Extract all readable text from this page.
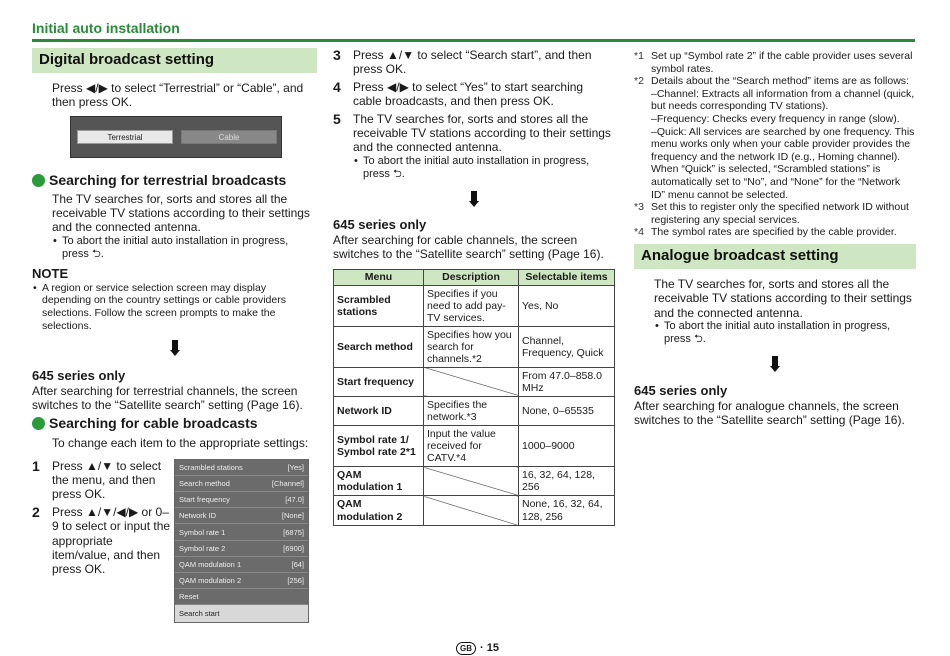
Initial auto installation
Digital broadcast setting
Press ◀/▶ to select “Terrestrial” or “Cable”, and then press OK.
Terrestrial	Cable
Searching for terrestrial broadcasts
The TV searches for, sorts and stores all the receivable TV stations according to their settings and the connected antenna.
• To abort the initial auto installation in progress, press ⮌.
NOTE
• A region or service selection screen may display depending on the country settings or cable providers selections. Follow the screen prompts to make the selections.
645 series only
After searching for terrestrial channels, the screen switches to the “Satellite search” setting (Page 16).
Searching for cable broadcasts
To change each item to the appropriate settings:
1 Press ▲/▼ to select the menu, and then press OK.
2 Press ▲/▼/◀/▶ or 0–9 to select or input the appropriate item/value, and then press OK.
Scrambled stations	[Yes]
Search method	[Channel]
Start frequency	[47.0]
Network ID	[None]
Symbol rate 1	[6875]
Symbol rate 2	[6900]
QAM modulation 1	[64]
QAM modulation 2	[256]
Reset
Search start
3 Press ▲/▼ to select “Search start”, and then press OK.
4 Press ◀/▶ to select “Yes” to start searching cable broadcasts, and then press OK.
5 The TV searches for, sorts and stores all the receivable TV stations according to their settings and the connected antenna.
• To abort the initial auto installation in progress, press ⮌.
645 series only
After searching for cable channels, the screen switches to the “Satellite search” setting (Page 16).
Menu	Description	Selectable items
Scrambled stations	Specifies if you need to add pay-TV services.	Yes, No
Search method	Specifies how you search for channels.*2	Channel, Frequency, Quick
Start frequency		From 47.0–858.0 MHz
Network ID	Specifies the network.*3	None, 0–65535
Symbol rate 1/ Symbol rate 2*1	Input the value received for CATV.*4	1000–9000
QAM modulation 1		16, 32, 64, 128, 256
QAM modulation 2		None, 16, 32, 64, 128, 256
*1 Set up “Symbol rate 2” if the cable provider uses several symbol rates.
*2 Details about the “Search method” items are as follows:
–Channel: Extracts all information from a channel (quick, but needs corresponding TV stations).
–Frequency: Checks every frequency in range (slow).
–Quick: All services are searched by one frequency. This menu works only when your cable provider provides the frequency and the network ID (e.g., Homing channel). When “Quick” is selected, “Scrambled stations” is automatically set to “No”, and “None” for the “Network ID” menu cannot be selected.
*3 Set this to register only the specified network ID without registering any special services.
*4 The symbol rates are specified by the cable provider.
Analogue broadcast setting
The TV searches for, sorts and stores all the receivable TV stations according to their settings and the connected antenna.
• To abort the initial auto installation in progress, press ⮌.
645 series only
After searching for analogue channels, the screen switches to the “Satellite search” setting (Page 16).
GB · 15
